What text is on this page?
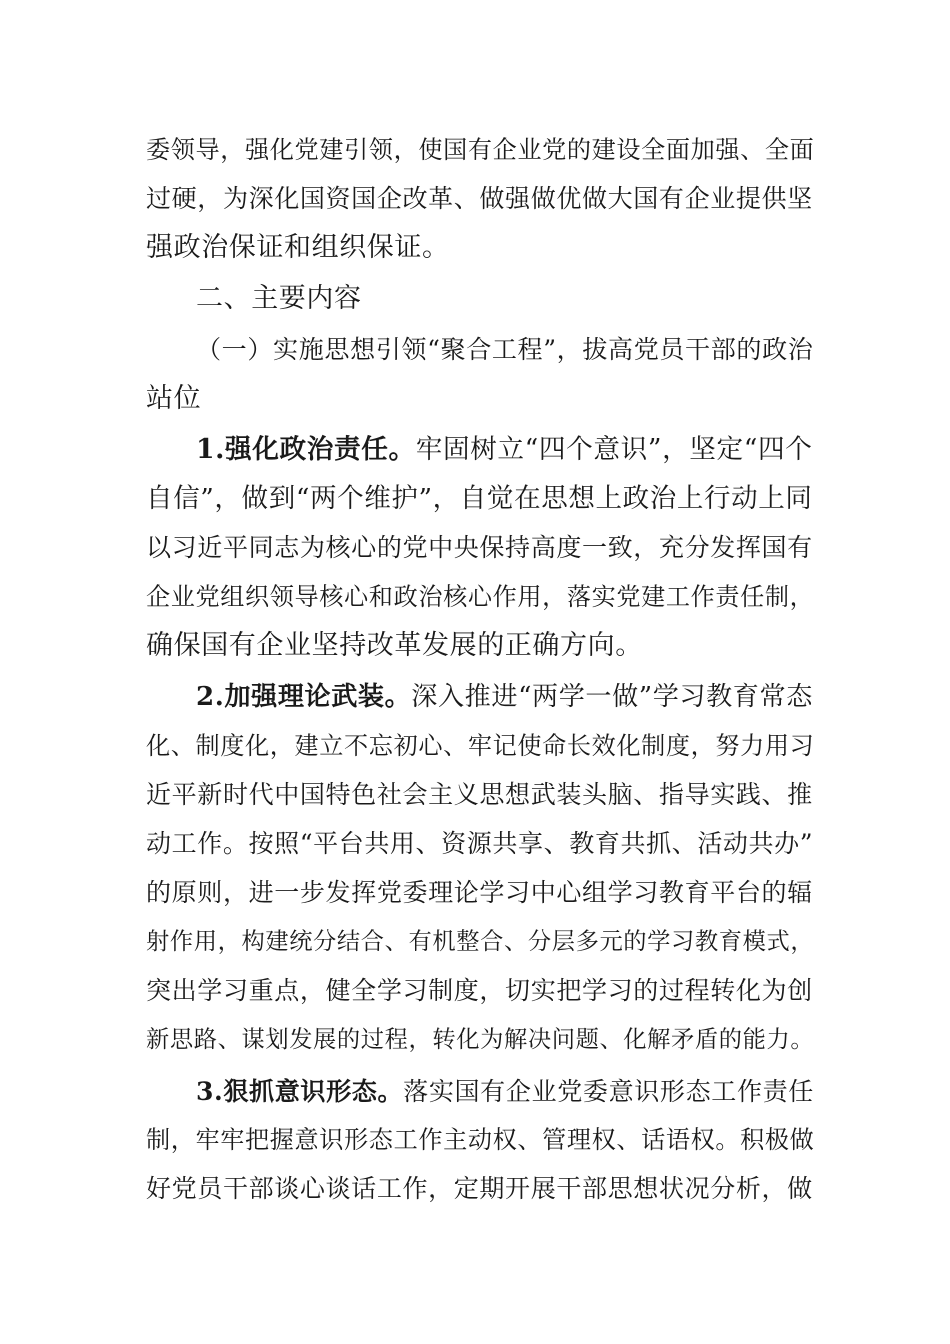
委领导，强化党建引领，使国有企业党的建设全面加强、全面
过硬，为深化国资国企改革、做强做优做大国有企业提供坚
强政治保证和组织保证。
二、主要内容
（一）实施思想引领“聚合工程”，拔高党员干部的政治
站位
1.强化政治责任。牢固树立“四个意识”，坚定“四个
自信”，做到“两个维护”，自觉在思想上政治上行动上同
以习近平同志为核心的党中央保持高度一致，充分发挥国有
企业党组织领导核心和政治核心作用，落实党建工作责任制，
确保国有企业坚持改革发展的正确方向。
2.加强理论武装。深入推进“两学一做”学习教育常态
化、制度化，建立不忘初心、牢记使命长效化制度，努力用习
近平新时代中国特色社会主义思想武装头脑、指导实践、推
动工作。按照“平台共用、资源共享、教育共抓、活动共办”
的原则，进一步发挥党委理论学习中心组学习教育平台的辐
射作用，构建统分结合、有机整合、分层多元的学习教育模式，
突出学习重点，健全学习制度，切实把学习的过程转化为创
新思路、谋划发展的过程，转化为解决问题、化解矛盾的能力。
3.狠抓意识形态。落实国有企业党委意识形态工作责任
制，牢牢把握意识形态工作主动权、管理权、话语权。积极做
好党员干部谈心谈话工作，定期开展干部思想状况分析，做
